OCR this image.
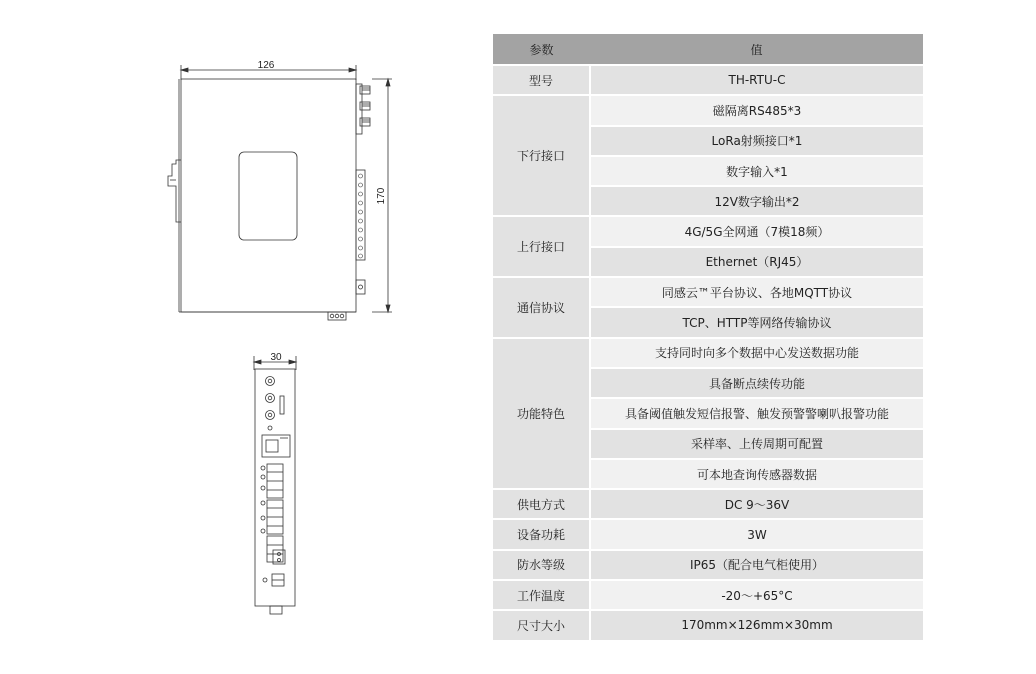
126
170
30
参数	值
型号	TH-RTU-C
下行接口	磁隔离RS485*3
	LoRa射频接口*1
	数字输入*1
	12V数字输出*2
上行接口	4G/5G全网通（7模18频）
	Ethernet（RJ45）
通信协议	同感云™平台协议、各地MQTT协议
	TCP、HTTP等网络传输协议
功能特色	支持同时向多个数据中心发送数据功能
	具备断点续传功能
	具备阈值触发短信报警、触发预警警喇叭报警功能
	采样率、上传周期可配置
	可本地查询传感器数据
供电方式	DC 9～36V
设备功耗	3W
防水等级	IP65（配合电气柜使用）
工作温度	-20～+65°C
尺寸大小	170mm×126mm×30mm
